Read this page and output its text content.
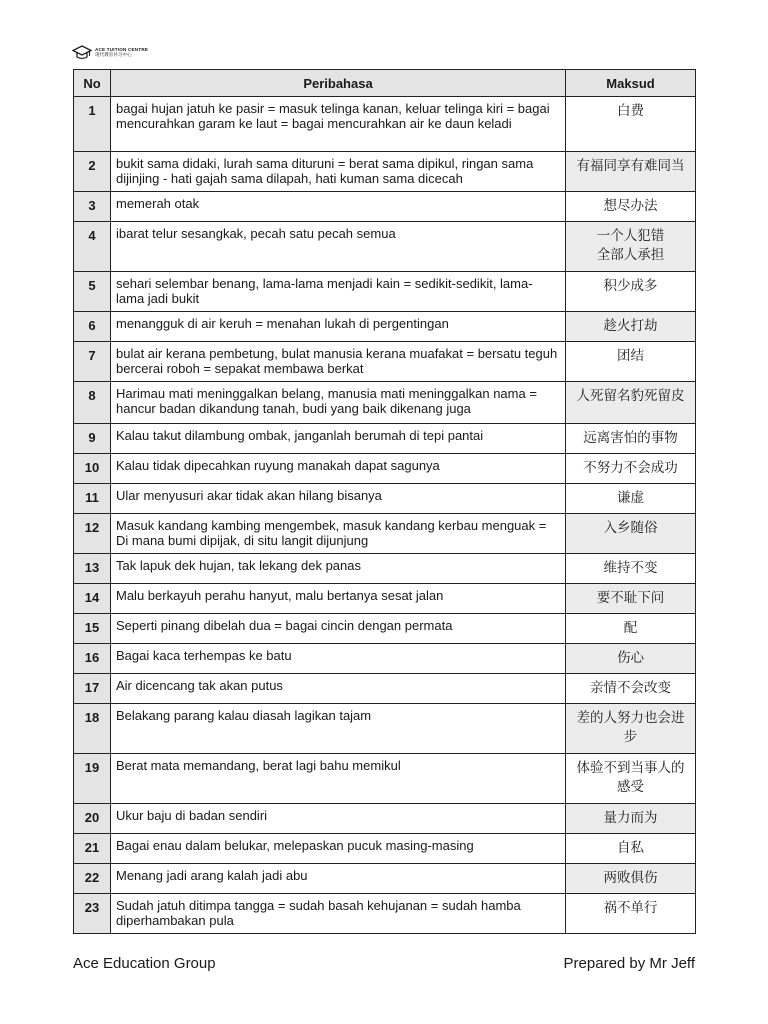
ACE TUITION CENTRE
现代教育补习中心
No	Peribahasa	Maksud
1	bagai hujan jatuh ke pasir = masuk telinga kanan, keluar telinga kiri = bagai mencurahkan garam ke laut = bagai mencurahkan air ke daun keladi	白费
2	bukit sama didaki, lurah sama dituruni = berat sama dipikul, ringan sama dijinjing - hati gajah sama dilapah, hati kuman sama dicecah	有福同享有难同当
3	memerah otak	想尽办法
4	ibarat telur sesangkak, pecah satu pecah semua	一个人犯错
全部人承担
5	sehari selembar benang, lama-lama menjadi kain = sedikit-sedikit, lama-lama jadi bukit	积少成多
6	menangguk di air keruh = menahan lukah di pergentingan	趁火打劫
7	bulat air kerana pembetung, bulat manusia kerana muafakat = bersatu teguh bercerai roboh = sepakat membawa berkat	团结
8	Harimau mati meninggalkan belang, manusia mati meninggalkan nama = hancur badan dikandung tanah, budi yang baik dikenang juga	人死留名豹死留皮
9	Kalau takut dilambung ombak, janganlah berumah di tepi pantai	远离害怕的事物
10	Kalau tidak dipecahkan ruyung manakah dapat sagunya	不努力不会成功
11	Ular menyusuri akar tidak akan hilang bisanya	谦虚
12	Masuk kandang kambing mengembek, masuk kandang kerbau menguak = Di mana bumi dipijak, di situ langit dijunjung	入乡随俗
13	Tak lapuk dek hujan, tak lekang dek panas	维持不变
14	Malu berkayuh perahu hanyut, malu bertanya sesat jalan	要不耻下问
15	Seperti pinang dibelah dua = bagai cincin dengan permata	配
16	Bagai kaca terhempas ke batu	伤心
17	Air dicencang tak akan putus	亲情不会改变
18	Belakang parang kalau diasah lagikan tajam	差的人努力也会进步
19	Berat mata memandang, berat lagi bahu memikul	体验不到当事人的感受
20	Ukur baju di badan sendiri	量力而为
21	Bagai enau dalam belukar, melepaskan pucuk masing-masing	自私
22	Menang jadi arang kalah jadi abu	两败俱伤
23	Sudah jatuh ditimpa tangga = sudah basah kehujanan = sudah hamba diperhambakan pula	祸不单行
Ace Education Group	Prepared by Mr Jeff
